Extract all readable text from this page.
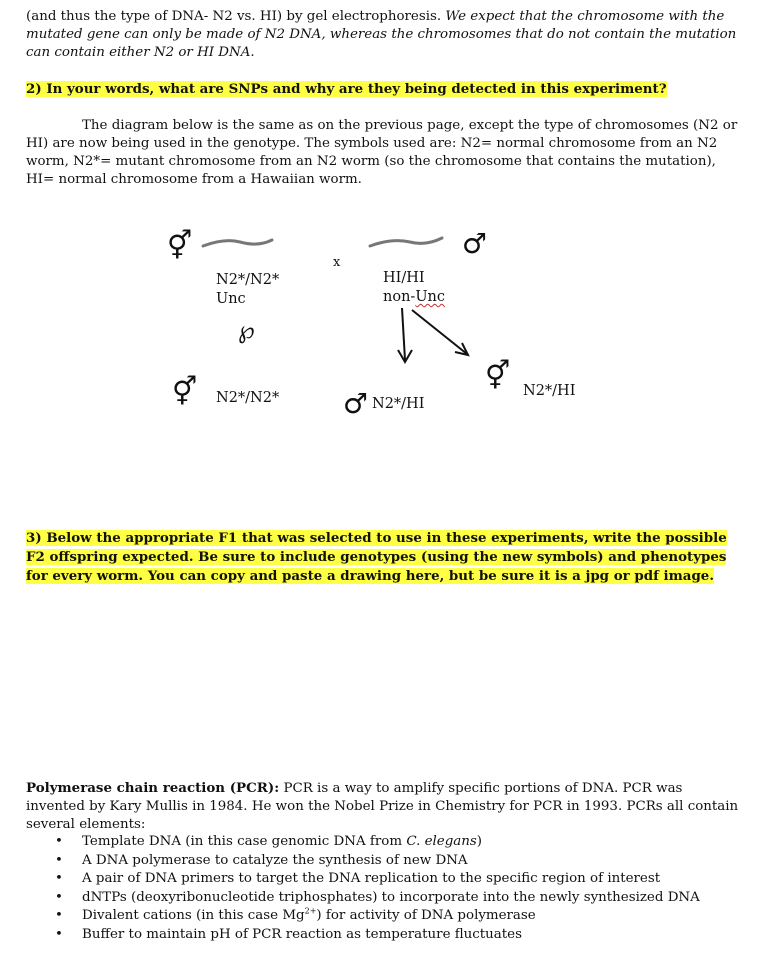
(and thus the type of DNA- N2 vs. HI) by gel electrophoresis. We expect that the chromosome with the mutated gene can only be made of N2 DNA, whereas the chromosomes that do not contain the mutation can contain either N2 or HI DNA.
2) In your words, what are SNPs and why are they being detected in this experiment?
The diagram below is the same as on the previous page, except the type of chromosomes (N2 or HI) are now being used in the genotype. The symbols used are: N2= normal chromosome from an N2 worm, N2*= mutant chromosome from an N2 worm (so the chromosome that contains the mutation), HI= normal chromosome from a Hawaiian worm.
⚥
x
♂
N2*/N2*
Unc
HI/HI
non-Unc
℘
⚥ N2*/N2* ♂ N2*/HI
⚥ N2*/HI
3) Below the appropriate F1 that was selected to use in these experiments, write the possible F2 offspring expected. Be sure to include genotypes (using the new symbols) and phenotypes for every worm. You can copy and paste a drawing here, but be sure it is a jpg or pdf image.
Polymerase chain reaction (PCR): PCR is a way to amplify specific portions of DNA. PCR was invented by Kary Mullis in 1984. He won the Nobel Prize in Chemistry for PCR in 1993. PCRs all contain several elements:
• Template DNA (in this case genomic DNA from C. elegans)
• A DNA polymerase to catalyze the synthesis of new DNA
• A pair of DNA primers to target the DNA replication to the specific region of interest
• dNTPs (deoxyribonucleotide triphosphates) to incorporate into the newly synthesized DNA
• Divalent cations (in this case $Mg^{2+}$) for activity of DNA polymerase
• Buffer to maintain pH of PCR reaction as temperature fluctuates
